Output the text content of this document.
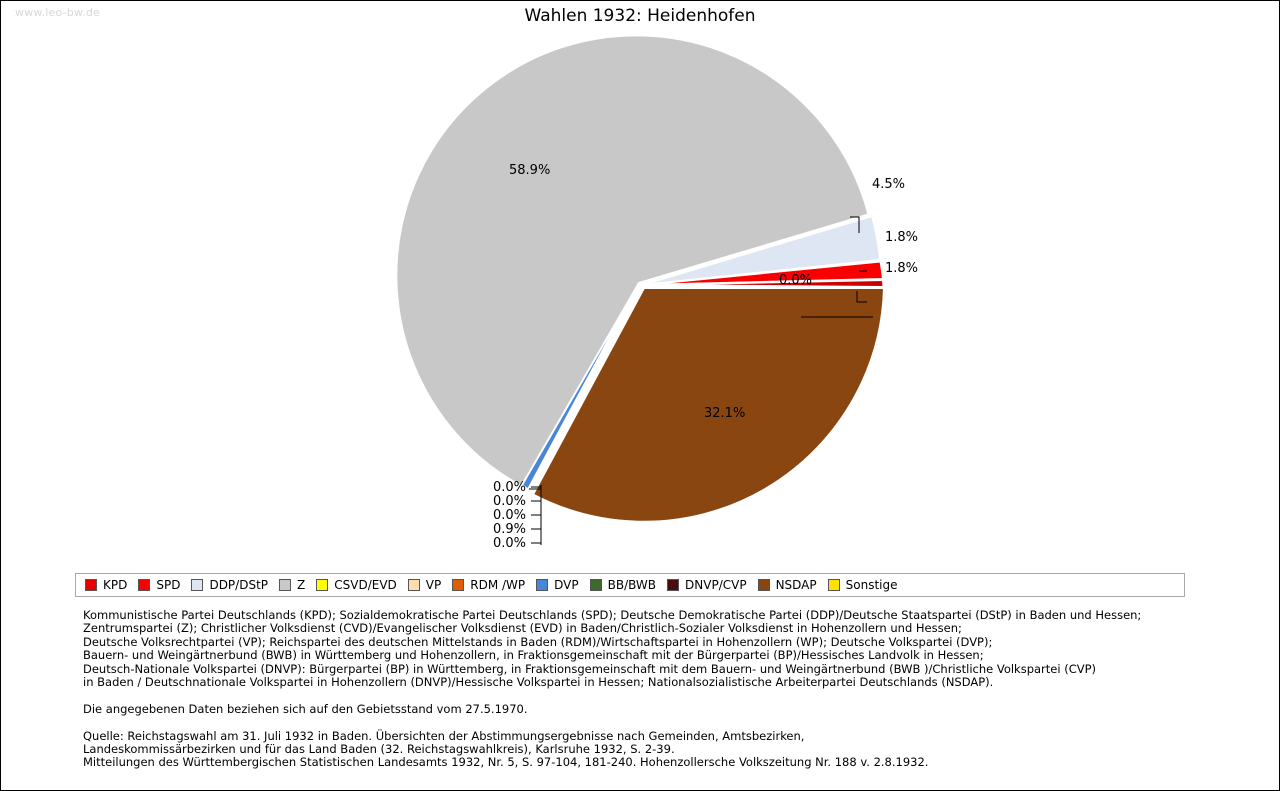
www.leo-bw.de	Wahlen 1932: Heidenhofen
58.9%
32.1%
4.5%
1.8%
1.8%
0.0%
0.0%
0.0%
0.0%
0.9%
0.0%
KPD SPD DDP/DStP Z CSVD/EVD VP RDM /WP DVP BB/BWB DNVP/CVP NSDAP Sonstige

Kommunistische Partei Deutschlands (KPD); Sozialdemokratische Partei Deutschlands (SPD); Deutsche Demokratische Partei (DDP)/Deutsche Staatspartei (DStP) in Baden und Hessen;

Zentrumspartei (Z); Christlicher Volksdienst (CVD)/Evangelischer Volksdienst (EVD) in Baden/Christlich-Sozialer Volksdienst in Hohenzollern und Hessen;

Deutsche Volksrechtpartei (VP); Reichspartei des deutschen Mittelstands in Baden (RDM)/Wirtschaftspartei in Hohenzollern (WP); Deutsche Volkspartei (DVP);

Bauern- und Weingärtnerbund (BWB) in Württemberg und Hohenzollern, in Fraktionsgemeinschaft mit der Bürgerpartei (BP)/Hessisches Landvolk in Hessen;

Deutsch-Nationale Volkspartei (DNVP): Bürgerpartei (BP) in Württemberg, in Fraktionsgemeinschaft mit dem Bauern- und Weingärtnerbund (BWB )/Christliche Volkspartei (CVP)

in Baden / Deutschnationale Volkspartei in Hohenzollern (DNVP)/Hessische Volkspartei in Hessen; Nationalsozialistische Arbeiterpartei Deutschlands (NSDAP).

Die angegebenen Daten beziehen sich auf den Gebietsstand vom 27.5.1970.

Quelle: Reichstagswahl am 31. Juli 1932 in Baden. Übersichten der Abstimmungsergebnisse nach Gemeinden, Amtsbezirken,

Landeskommissärbezirken und für das Land Baden (32. Reichstagswahlkreis), Karlsruhe 1932, S. 2-39.

Mitteilungen des Württembergischen Statistischen Landesamts 1932, Nr. 5, S. 97-104, 181-240. Hohenzollersche Volkszeitung Nr. 188 v. 2.8.1932.
